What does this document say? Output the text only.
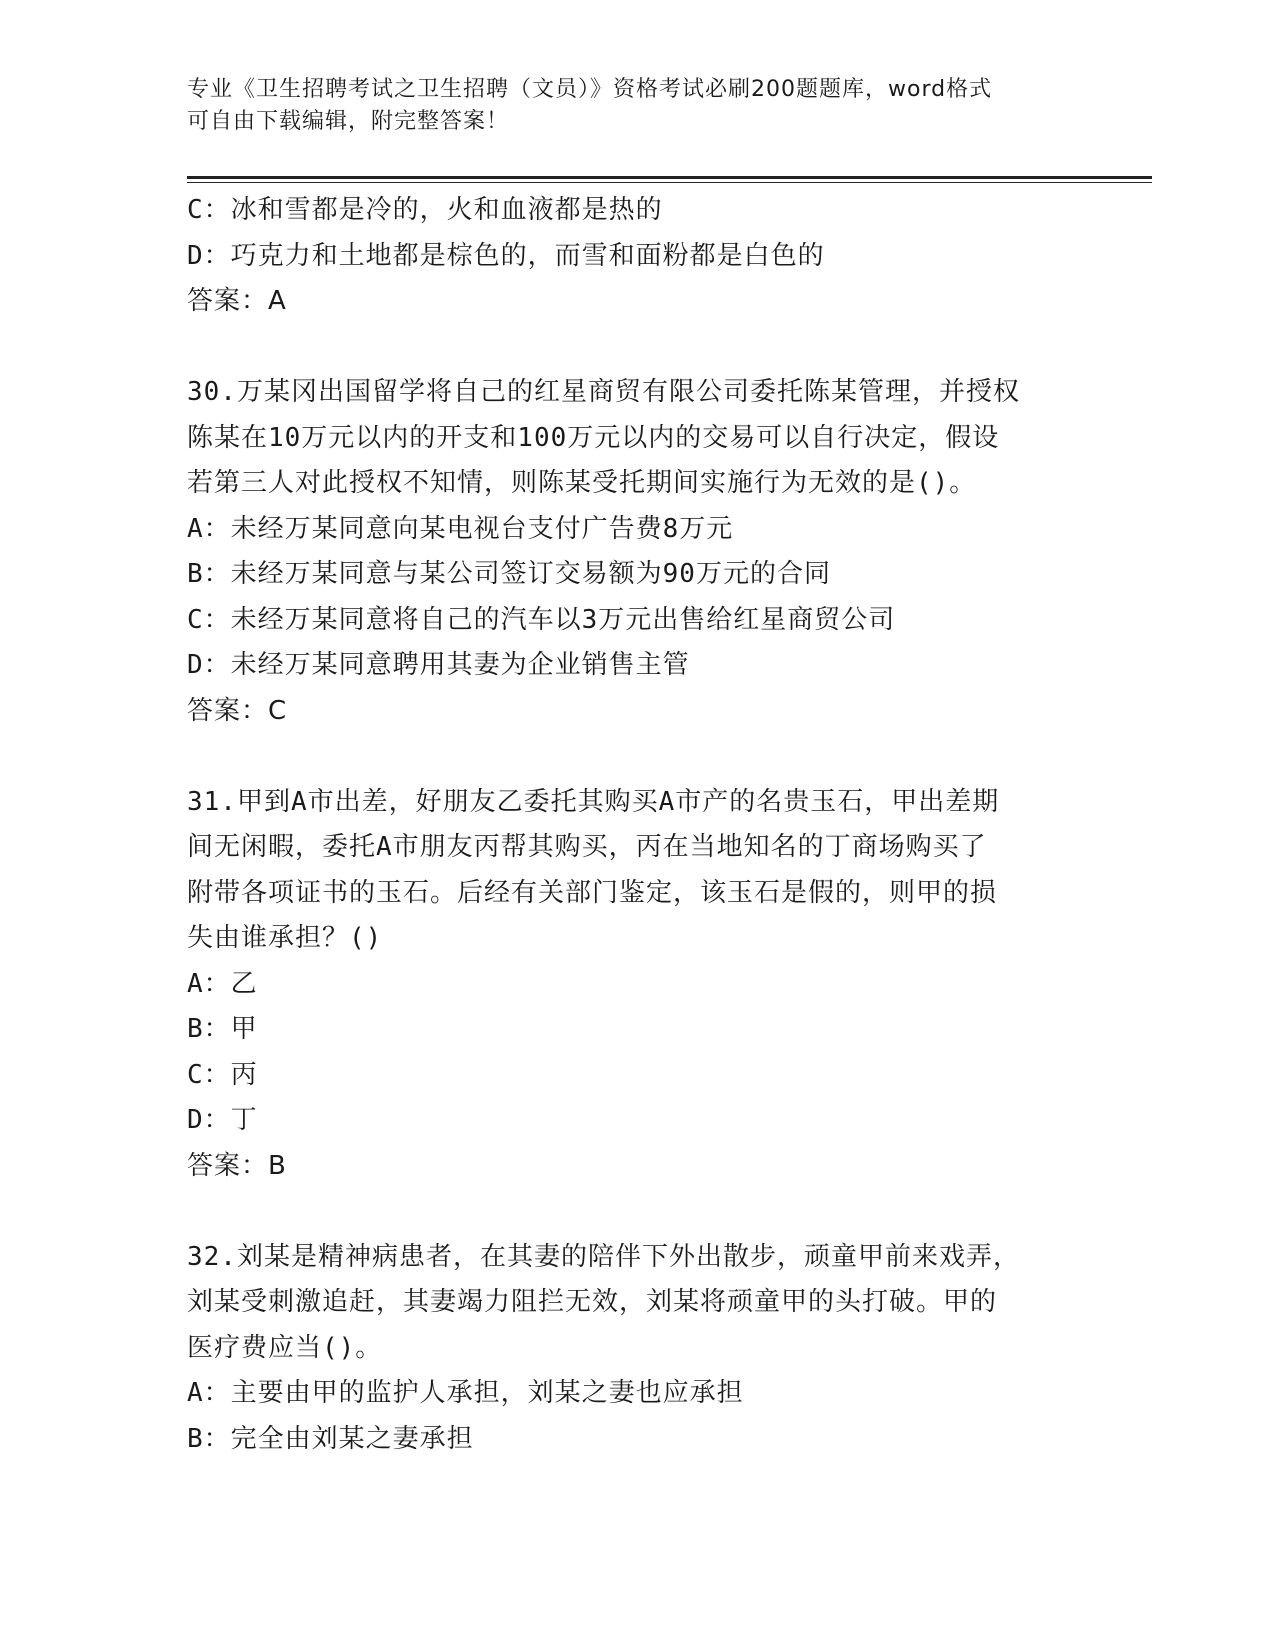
专业《卫生招聘考试之卫生招聘（文员）》资格考试必刷200题题库，word格式
可自由下载编辑，附完整答案！
C：冰和雪都是冷的，火和血液都是热的
D：巧克力和土地都是棕色的，而雪和面粉都是白色的
答案：A
30.万某冈出国留学将自己的红星商贸有限公司委托陈某管理，并授权
陈某在10万元以内的开支和100万元以内的交易可以自行决定，假设
若第三人对此授权不知情，则陈某受托期间实施行为无效的是()。
A：未经万某同意向某电视台支付广告费8万元
B：未经万某同意与某公司签订交易额为90万元的合同
C：未经万某同意将自己的汽车以3万元出售给红星商贸公司
D：未经万某同意聘用其妻为企业销售主管
答案：C
31.甲到A市出差，好朋友乙委托其购买A市产的名贵玉石，甲出差期
间无闲暇，委托A市朋友丙帮其购买，丙在当地知名的丁商场购买了
附带各项证书的玉石。后经有关部门鉴定，该玉石是假的，则甲的损
失由谁承担？()
A：乙
B：甲
C：丙
D：丁
答案：B
32.刘某是精神病患者，在其妻的陪伴下外出散步，顽童甲前来戏弄，
刘某受刺激追赶，其妻竭力阻拦无效，刘某将顽童甲的头打破。甲的
医疗费应当()。
A：主要由甲的监护人承担，刘某之妻也应承担
B：完全由刘某之妻承担
